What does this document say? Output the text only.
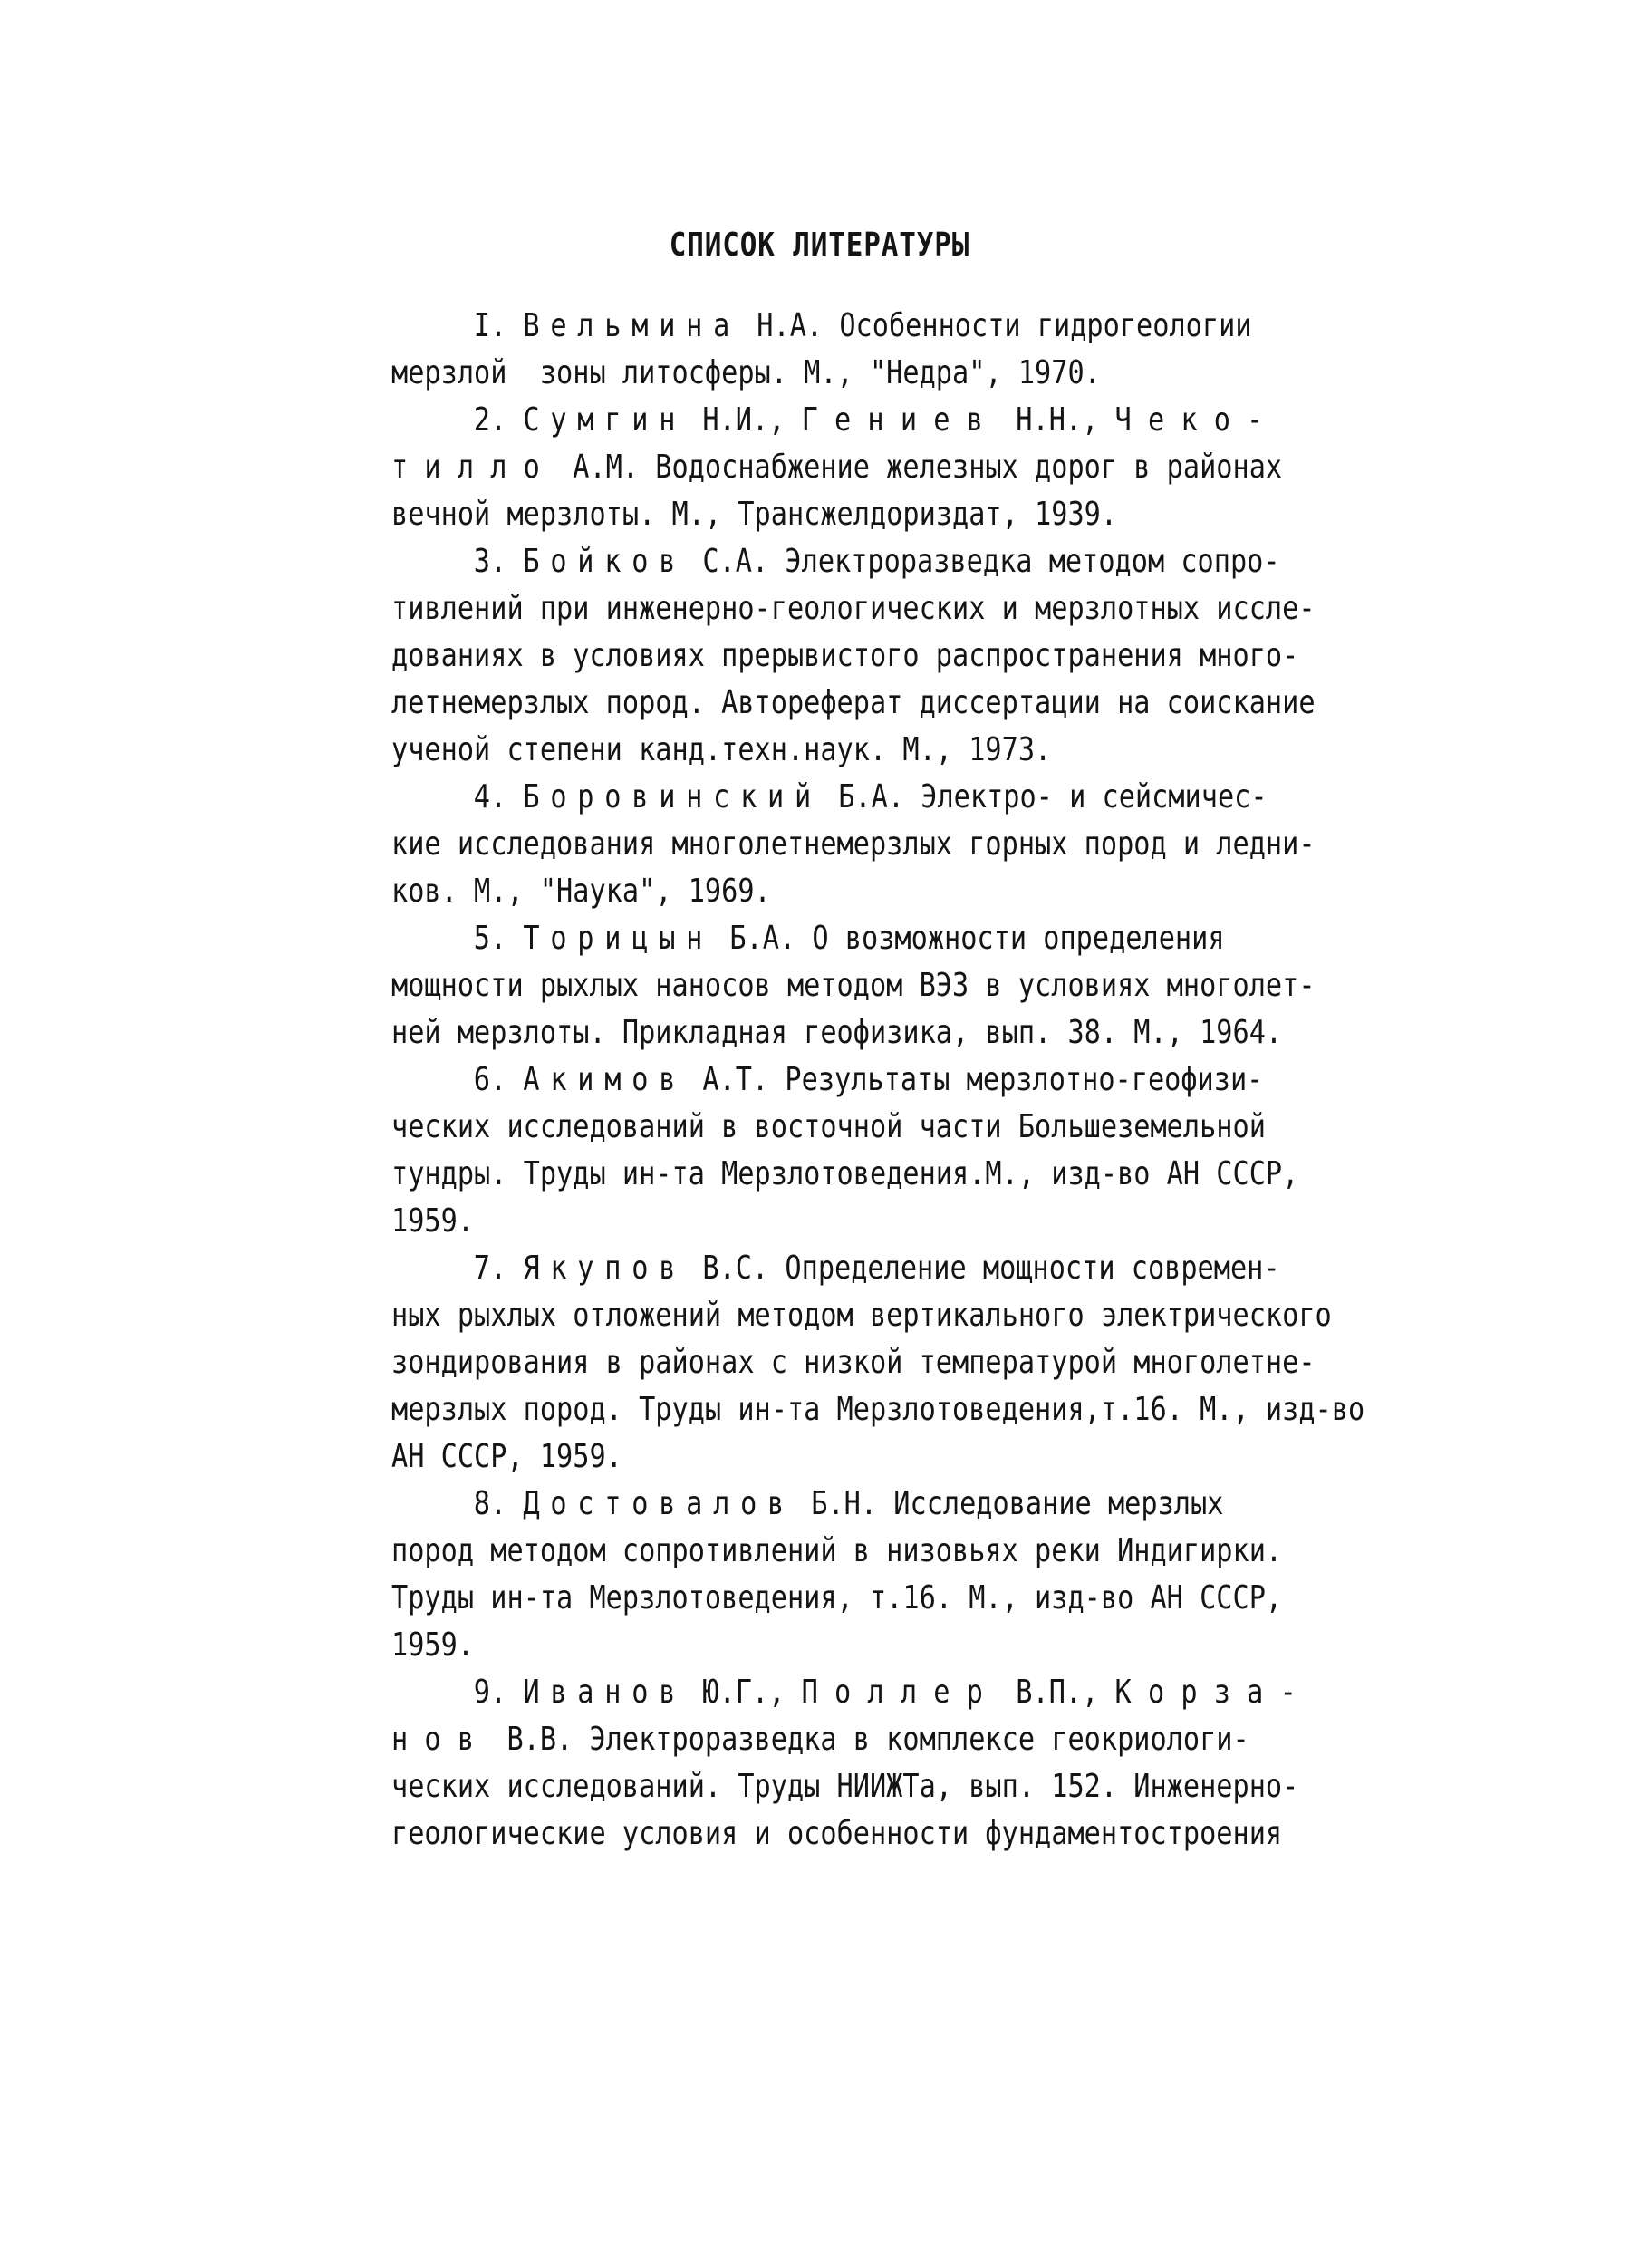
СПИСОК ЛИТЕРАТУРЫ
I. Вельмина Н.А. Особенности гидрогеологии
мерзлой  зоны литосферы. М., "Недра", 1970.
2. Сумгин Н.И., Г е н и е в  Н.Н., Ч е к о -
т и л л о  А.М. Водоснабжение железных дорог в районах
вечной мерзлоты. М., Трансжелдориздат, 1939.
3. Бойков С.А. Электроразведка методом сопро-
тивлений при инженерно-геологических и мерзлотных иссле-
дованиях в условиях прерывистого распространения много-
летнемерзлых пород. Автореферат диссертации на соискание
ученой степени канд.техн.наук. М., 1973.
4. Боровинский Б.А. Электро- и сейсмичес-
кие исследования многолетнемерзлых горных пород и ледни-
ков. М., "Наука", 1969.
5. Торицын Б.А. О возможности определения
мощности рыхлых наносов методом ВЭЗ в условиях многолет-
ней мерзлоты. Прикладная геофизика, вып. 38. М., 1964.
6. Акимов А.Т. Результаты мерзлотно-геофизи-
ческих исследований в восточной части Большеземельной
тундры. Труды ин-та Мерзлотоведения.М., изд-во АН СССР,
1959.
7. Якупов В.С. Определение мощности современ-
ных рыхлых отложений методом вертикального электрического
зондирования в районах с низкой температурой многолетне-
мерзлых пород. Труды ин-та Мерзлотоведения,т.16. М., изд-во
АН СССР, 1959.
8. Достовалов Б.Н. Исследование мерзлых
пород методом сопротивлений в низовьях реки Индигирки.
Труды ин-та Мерзлотоведения, т.16. М., изд-во АН СССР,
1959.
9. Иванов Ю.Г., П о л л е р  В.П., К о р з а -
н о в  В.В. Электроразведка в комплексе геокриологи-
ческих исследований. Труды НИИЖТа, вып. 152. Инженерно-
геологические условия и особенности фундаментостроения
